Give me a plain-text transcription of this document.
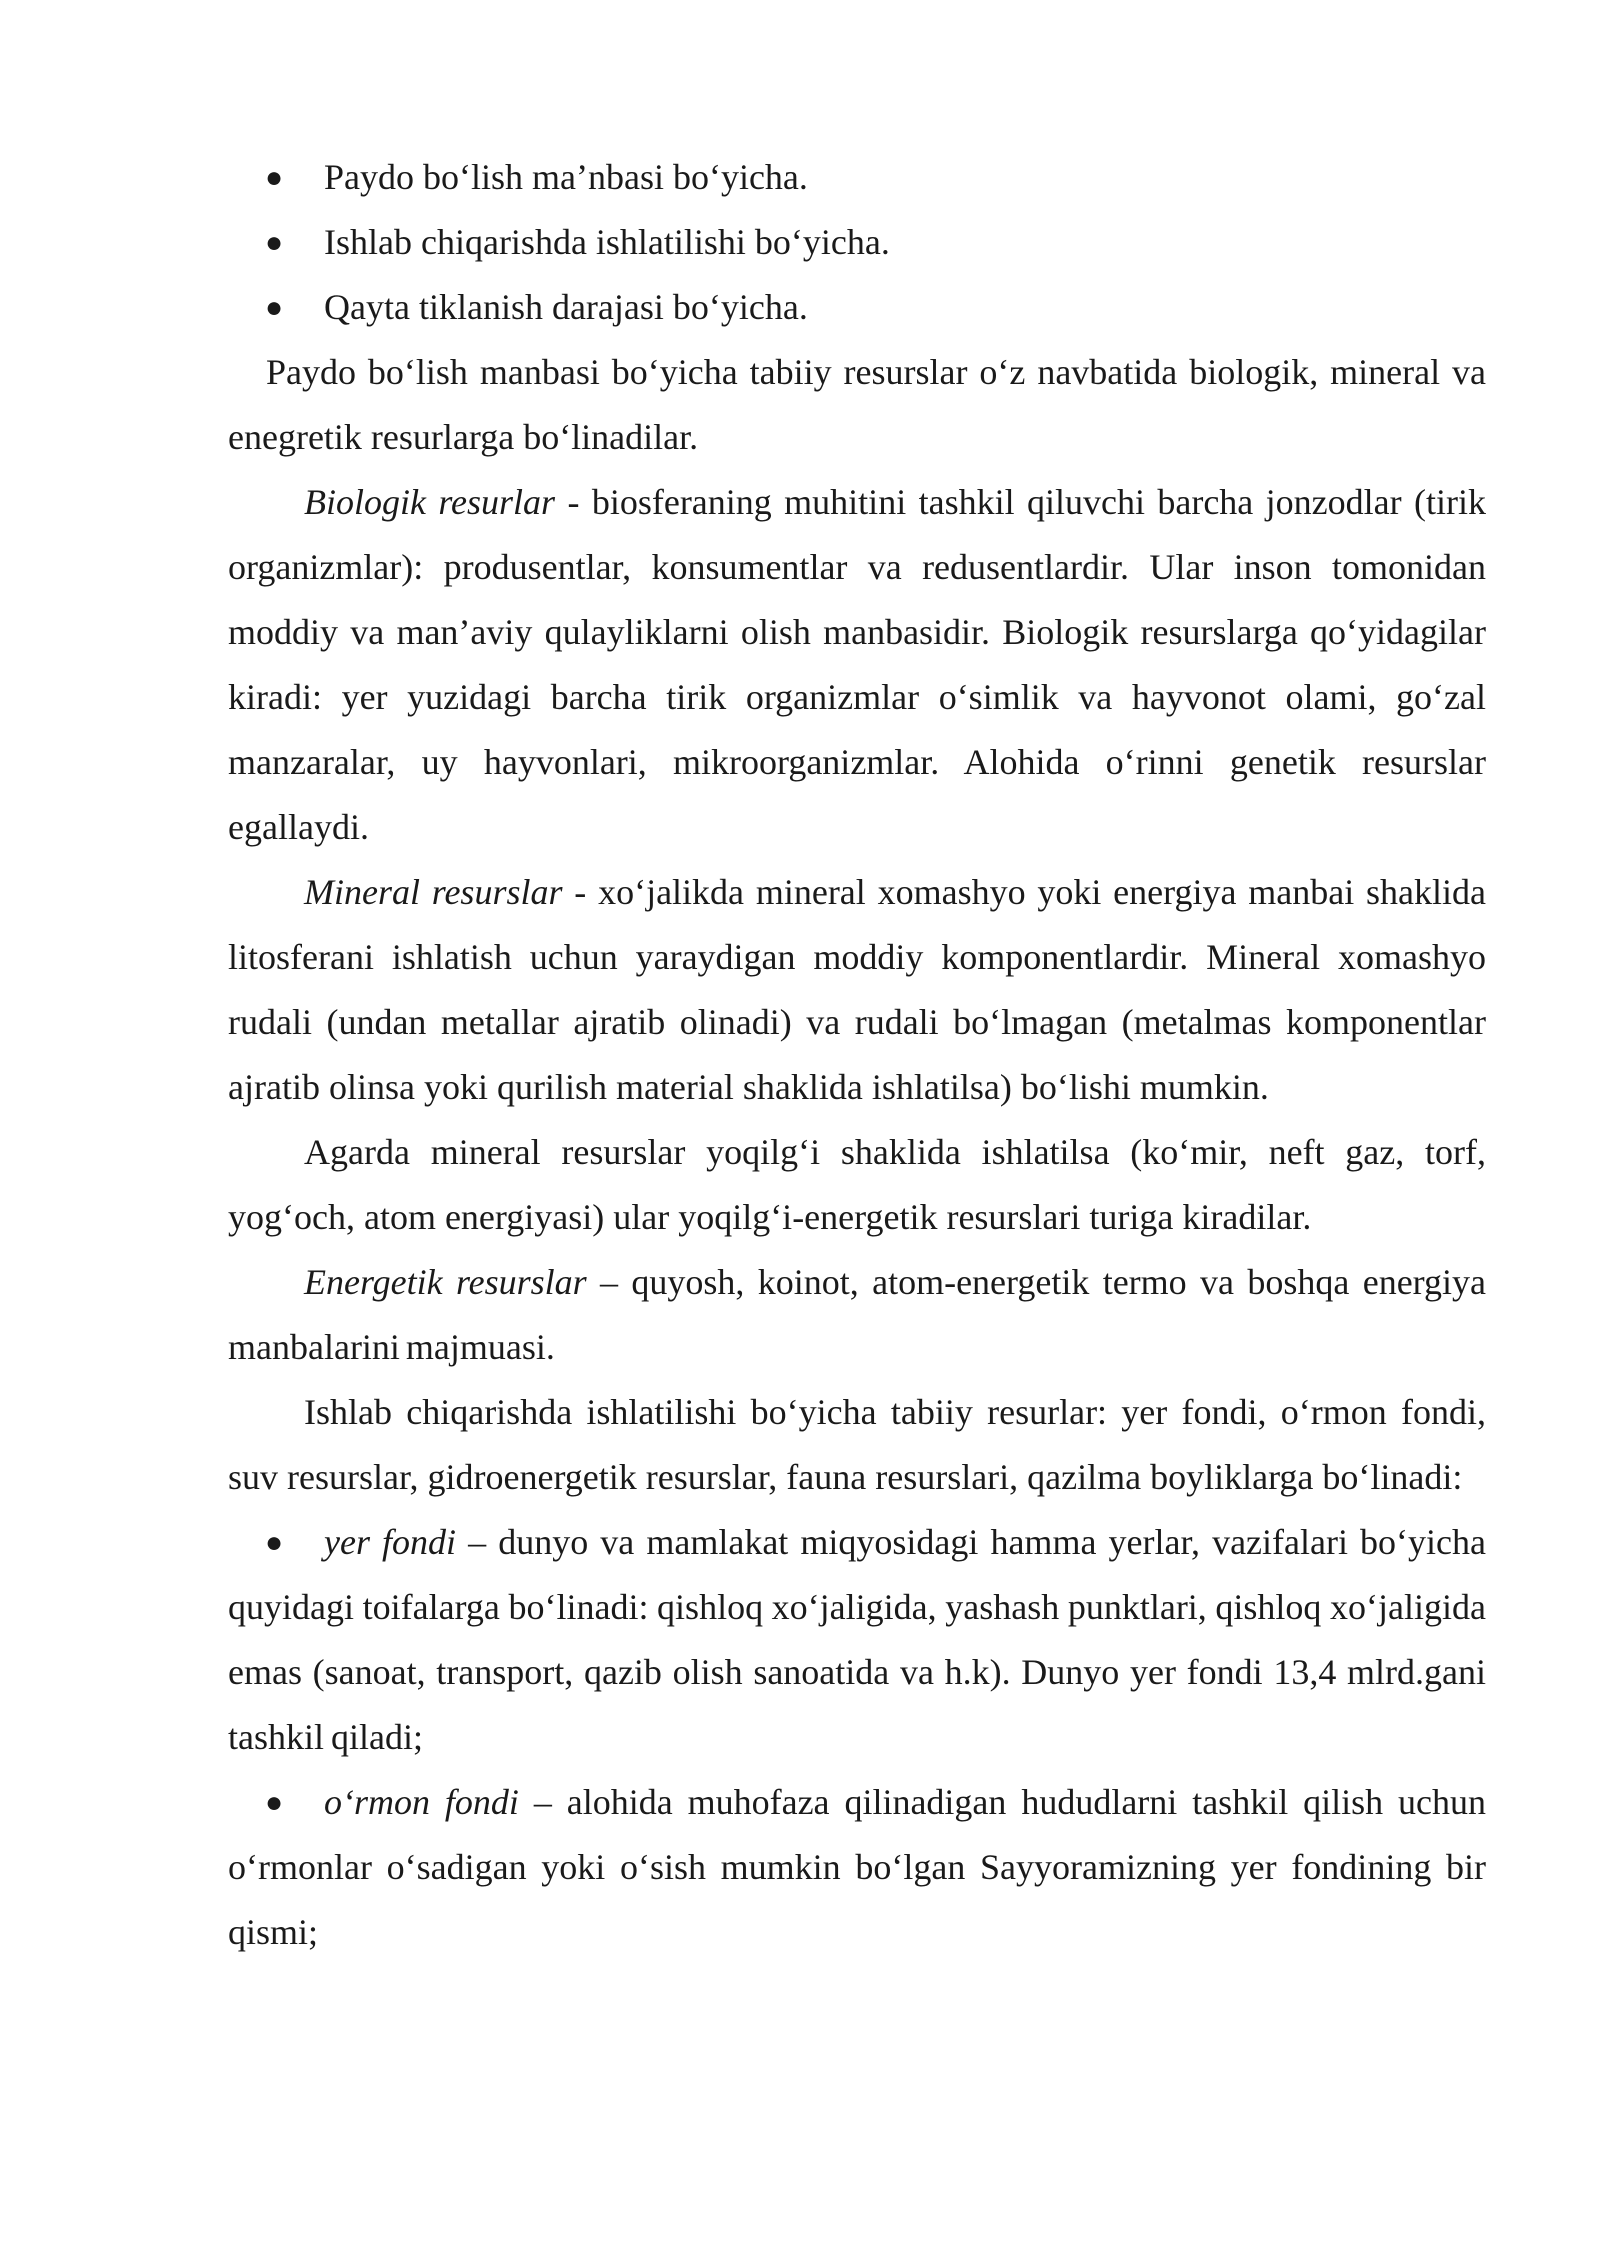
● Paydo bo‘lish ma’nbasi bo‘yicha.

● Ishlab chiqarishda ishlatilishi bo‘yicha.

● Qayta tiklanish darajasi bo‘yicha.

Paydo bo‘lish manbasi bo‘yicha tabiiy resurslar o‘z navbatida biologik, mineral va enegretik resurlarga bo‘linadilar.

Biologik resurlar - biosferaning muhitini tashkil qiluvchi barcha jonzodlar (tirik organizmlar): produsentlar, konsumentlar va redusentlardir. Ular inson tomonidan moddiy va man’aviy qulayliklarni olish manbasidir. Biologik resurslarga qo‘yidagilar kiradi: yer yuzidagi barcha tirik organizmlar o‘simlik va hayvonot olami, go‘zal manzaralar, uy hayvonlari, mikroorganizmlar. Alohida o‘rinni genetik resurslar egallaydi.

Mineral resurslar - xo‘jalikda mineral xomashyo yoki energiya manbai shaklida litosferani ishlatish uchun yaraydigan moddiy komponentlardir. Mineral xomashyo rudali (undan metallar ajratib olinadi) va rudali bo‘lmagan (metalmas komponentlar ajratib olinsa yoki qurilish material shaklida ishlatilsa) bo‘lishi mumkin.

Agarda mineral resurslar yoqilg‘i shaklida ishlatilsa (ko‘mir, neft gaz, torf, yog‘och, atom energiyasi) ular yoqilg‘i-energetik resurslari turiga kiradilar.

Energetik resurslar – quyosh, koinot, atom-energetik termo va boshqa energiya manbalarini majmuasi.

Ishlab chiqarishda ishlatilishi bo‘yicha tabiiy resurlar: yer fondi, o‘rmon fondi, suv resurslar, gidroenergetik resurslar, fauna resurslari, qazilma boyliklarga bo‘linadi:

● yer fondi – dunyo va mamlakat miqyosidagi hamma yerlar, vazifalari bo‘yicha quyidagi toifalarga bo‘linadi: qishloq xo‘jaligida, yashash punktlari, qishloq xo‘jaligida emas (sanoat, transport, qazib olish sanoatida va h.k). Dunyo yer fondi 13,4 mlrd.gani tashkil qiladi;

● o‘rmon fondi – alohida muhofaza qilinadigan hududlarni tashkil qilish uchun o‘rmonlar o‘sadigan yoki o‘sish mumkin bo‘lgan Sayyoramizning yer fondining bir qismi;
